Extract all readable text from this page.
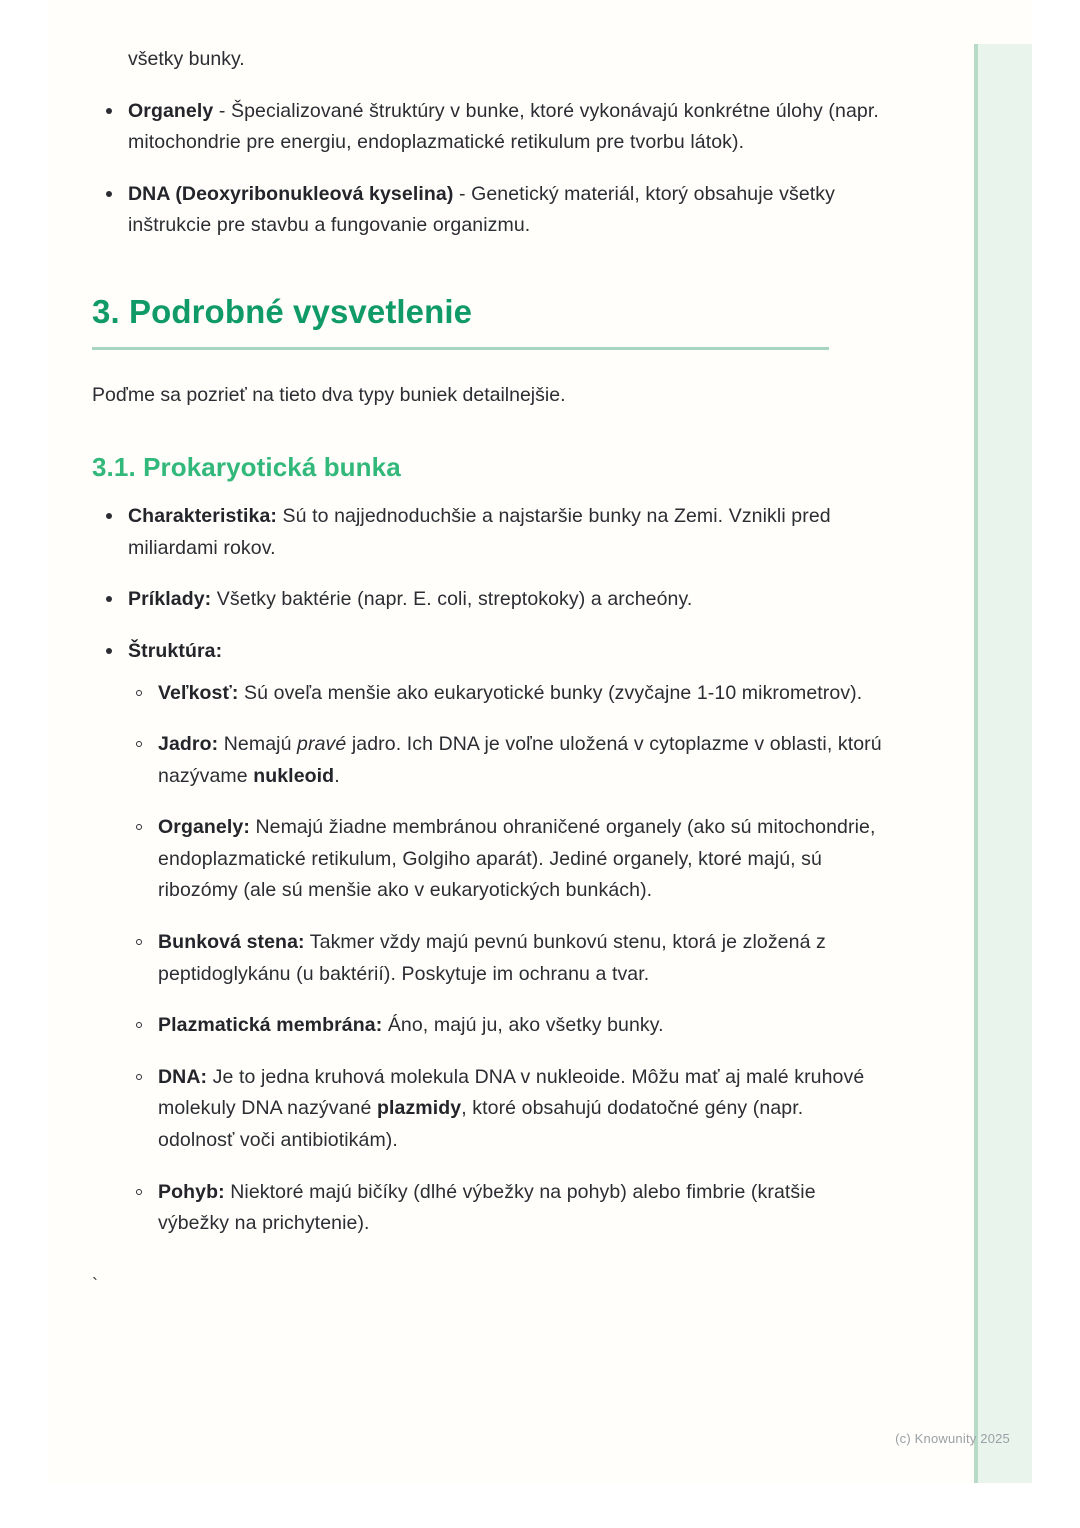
všetky bunky.

Organely - Špecializované štruktúry v bunke, ktoré vykonávajú konkrétne úlohy (napr. mitochondrie pre energiu, endoplazmatické retikulum pre tvorbu látok).
DNA (Deoxyribonukleová kyselina) - Genetický materiál, ktorý obsahuje všetky inštrukcie pre stavbu a fungovanie organizmu.
3. Podrobné vysvetlenie

Poďme sa pozrieť na tieto dva typy buniek detailnejšie.

3.1. Prokaryotická bunka
Charakteristika: Sú to najjednoduchšie a najstaršie bunky na Zemi. Vznikli pred miliardami rokov.
Príklady: Všetky baktérie (napr. E. coli, streptokoky) a archeóny.
Štruktúra:
Veľkosť: Sú oveľa menšie ako eukaryotické bunky (zvyčajne 1-10 mikrometrov).
Jadro: Nemajú pravé jadro. Ich DNA je voľne uložená v cytoplazme v oblasti, ktorú nazývame nukleoid.
Organely: Nemajú žiadne membránou ohraničené organely (ako sú mitochondrie, endoplazmatické retikulum, Golgiho aparát). Jediné organely, ktoré majú, sú ribozómy (ale sú menšie ako v eukaryotických bunkách).
Bunková stena: Takmer vždy majú pevnú bunkovú stenu, ktorá je zložená z peptidoglykánu (u baktérií). Poskytuje im ochranu a tvar.
Plazmatická membrána: Áno, majú ju, ako všetky bunky.
DNA: Je to jedna kruhová molekula DNA v nukleoide. Môžu mať aj malé kruhové molekuly DNA nazývané plazmidy, ktoré obsahujú dodatočné gény (napr. odolnosť voči antibiotikám).
Pohyb: Niektoré majú bičíky (dlhé výbežky na pohyb) alebo fimbrie (kratšie výbežky na prichytenie).
`
(c) Knowunity 2025
